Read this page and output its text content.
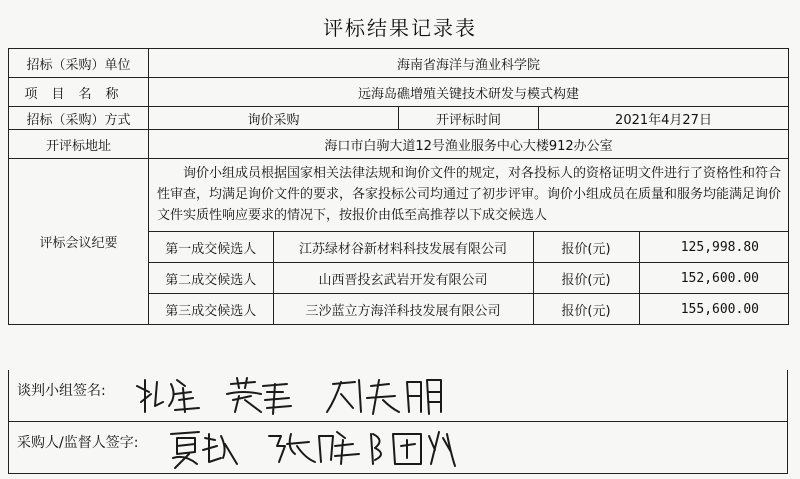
评标结果记录表
招标（采购）单位	海南省海洋与渔业科学院
项目名称	远海岛礁增殖关键技术研发与模式构建
招标（采购）方式	询价采购	开评标时间	2021年4月27日
开评标地址	海口市白驹大道12号渔业服务中心大楼912办公室
评标会议纪要	
询价小组成员根据国家相关法律法规和询价文件的规定，对各投标人的资格证明文件进行了资格性和符合性审查，均满足询价文件的要求，各家投标公司均通过了初步评审。询价小组成员在质量和服务均能满足询价文件实质性响应要求的情况下，按报价由低至高推荐以下成交候选人
第一成交候选人	江苏绿材谷新材料科技发展有限公司	报价(元)	125,998.80
第二成交候选人	山西晋投玄武岩开发有限公司	报价(元)	152,600.00
第三成交候选人	三沙蓝立方海洋科技发展有限公司	报价(元)	155,600.00
谈判小组签名:
采购人/监督人签字:
